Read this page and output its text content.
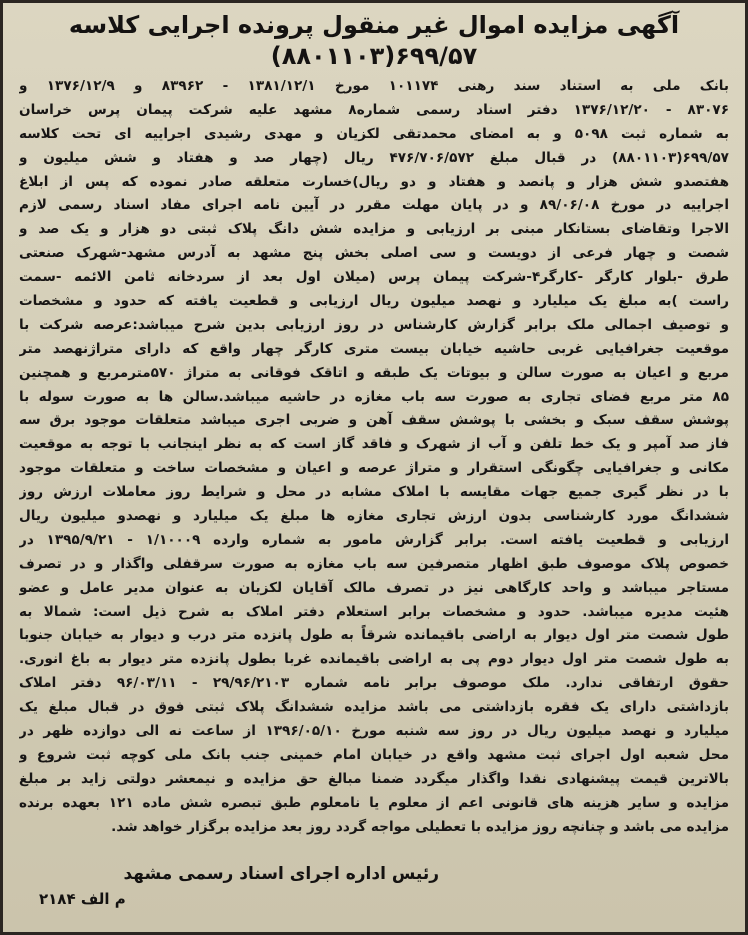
آگهی مزایده اموال غیر منقول پرونده اجرایی کلاسه
(۸۸۰۱۱۰۳)۶۹۹/۵۷
بانک ملی به استناد سند رهنی ۱۰۱۱۷۴ مورخ ۱۳۸۱/۱۲/۱ - ۸۳۹۶۲ و ۱۳۷۶/۱۲/۹ و
۸۳۰۷۶ - ۱۳۷۶/۱۲/۲۰ دفتر اسناد رسمی شماره۸ مشهد علیه شرکت پیمان پرس خراسان
به شماره ثبت ۵۰۹۸ و به امضای محمدتقی لکزیان و مهدی رشیدی اجراییه ای تحت کلاسه
۶۹۹/۵۷(۸۸۰۱۱۰۳) در قبال مبلغ ۴۷۶/۷۰۶/۵۷۲ ریال (چهار صد و هفتاد و شش میلیون و
هفتصدو شش هزار و پانصد و هفتاد و دو ریال)خسارت متعلقه صادر نموده که پس از ابلاغ
اجراییه در مورخ ۸۹/۰۶/۰۸ و در پایان مهلت مقرر در آیین نامه اجرای مفاد اسناد رسمی لازم
الاجرا وتقاضای بستانکار مبنی بر ارزیابی و مزایده شش دانگ پلاک ثبتی دو هزار و یک صد و
شصت و چهار فرعی از دویست و سی اصلی بخش پنج مشهد به آدرس مشهد-شهرک صنعتی
طرق -بلوار کارگر -کارگر۴-شرکت پیمان پرس (میلان اول بعد از سردخانه ثامن الائمه -سمت
راست )به مبلغ یک میلیارد و نهصد میلیون ریال ارزیابی و قطعیت یافته که حدود و مشخصات
و توصیف اجمالی ملک برابر گزارش کارشناس در روز ارزیابی بدین شرح میباشد:عرصه شرکت با
موقعیت جغرافیایی غربی حاشیه خیابان بیست متری کارگر چهار واقع که دارای متراژنهصد متر
مربع و اعیان به صورت سالن و بیوتات یک طبقه و اتاقک فوقانی به متراژ ۵۷۰مترمربع و همچنین
۸۵ متر مربع فضای تجاری به صورت سه باب مغازه در حاشیه میباشد.سالن ها به صورت سوله با
پوشش سقف سبک و بخشی با پوشش سقف آهن و ضربی اجری میباشد متعلقات موجود برق سه
فاز صد آمپر و یک خط تلفن و آب از شهرک و فاقد گاز است که به نظر اینجانب با توجه به موقعیت
مکانی و جغرافیایی چگونگی استقرار و متراژ عرصه و اعیان و مشخصات ساخت و متعلقات موجود
با در نظر گیری جمیع جهات مقایسه با املاک مشابه در محل و شرایط روز معاملات ارزش روز
ششدانگ مورد کارشناسی بدون ارزش تجاری مغازه ها مبلغ یک میلیارد و نهصدو میلیون ریال
ارزیابی و قطعیت یافته است. برابر گزارش مامور به شماره وارده ۱/۱۰۰۰۹ - ۱۳۹۵/۹/۲۱ در
خصوص پلاک موصوف طبق اظهار متصرفین سه باب مغازه به صورت سرقفلی واگذار و در تصرف
مستاجر میباشد و واحد کارگاهی نیز در تصرف مالک آقایان لکزیان به عنوان مدیر عامل و عضو
هئیت مدیره میباشد. حدود و مشخصات برابر استعلام دفتر املاک به شرح ذیل است: شمالا به
طول شصت متر اول دیوار به اراضی باقیمانده شرقاً به طول پانزده متر درب و دیوار به خیابان جنوبا
به طول شصت متر اول دیوار دوم پی به اراضی باقیمانده غربا بطول پانزده متر دیوار به باغ انوری.
حقوق ارتفاقی ندارد. ملک موصوف برابر نامه شماره ۲۹/۹۶/۲۱۰۳ - ۹۶/۰۳/۱۱ دفتر املاک
بازداشتی دارای یک فقره بازداشتی می باشد مزایده ششدانگ پلاک ثبتی فوق در قبال مبلغ یک
میلیارد و نهصد میلیون ریال در روز سه شنبه مورخ ۱۳۹۶/۰۵/۱۰ از ساعت نه الی دوازده ظهر در
محل شعبه اول اجرای ثبت مشهد واقع در خیابان امام خمینی جنب بانک ملی کوچه ثبت شروع و
بالاترین قیمت پیشنهادی نقدا واگذار میگردد ضمنا مبالغ حق مزایده و نیمعشر دولتی زاید بر مبلغ
مزایده و سایر هزینه های قانونی اعم از معلوم یا نامعلوم طبق تبصره شش ماده ۱۲۱ بعهده برنده
مزایده می باشد و چنانچه روز مزایده با تعطیلی مواجه گردد روز بعد مزایده برگزار خواهد شد.
رئیس اداره اجرای اسناد رسمی مشهد
م الف ۲۱۸۴
